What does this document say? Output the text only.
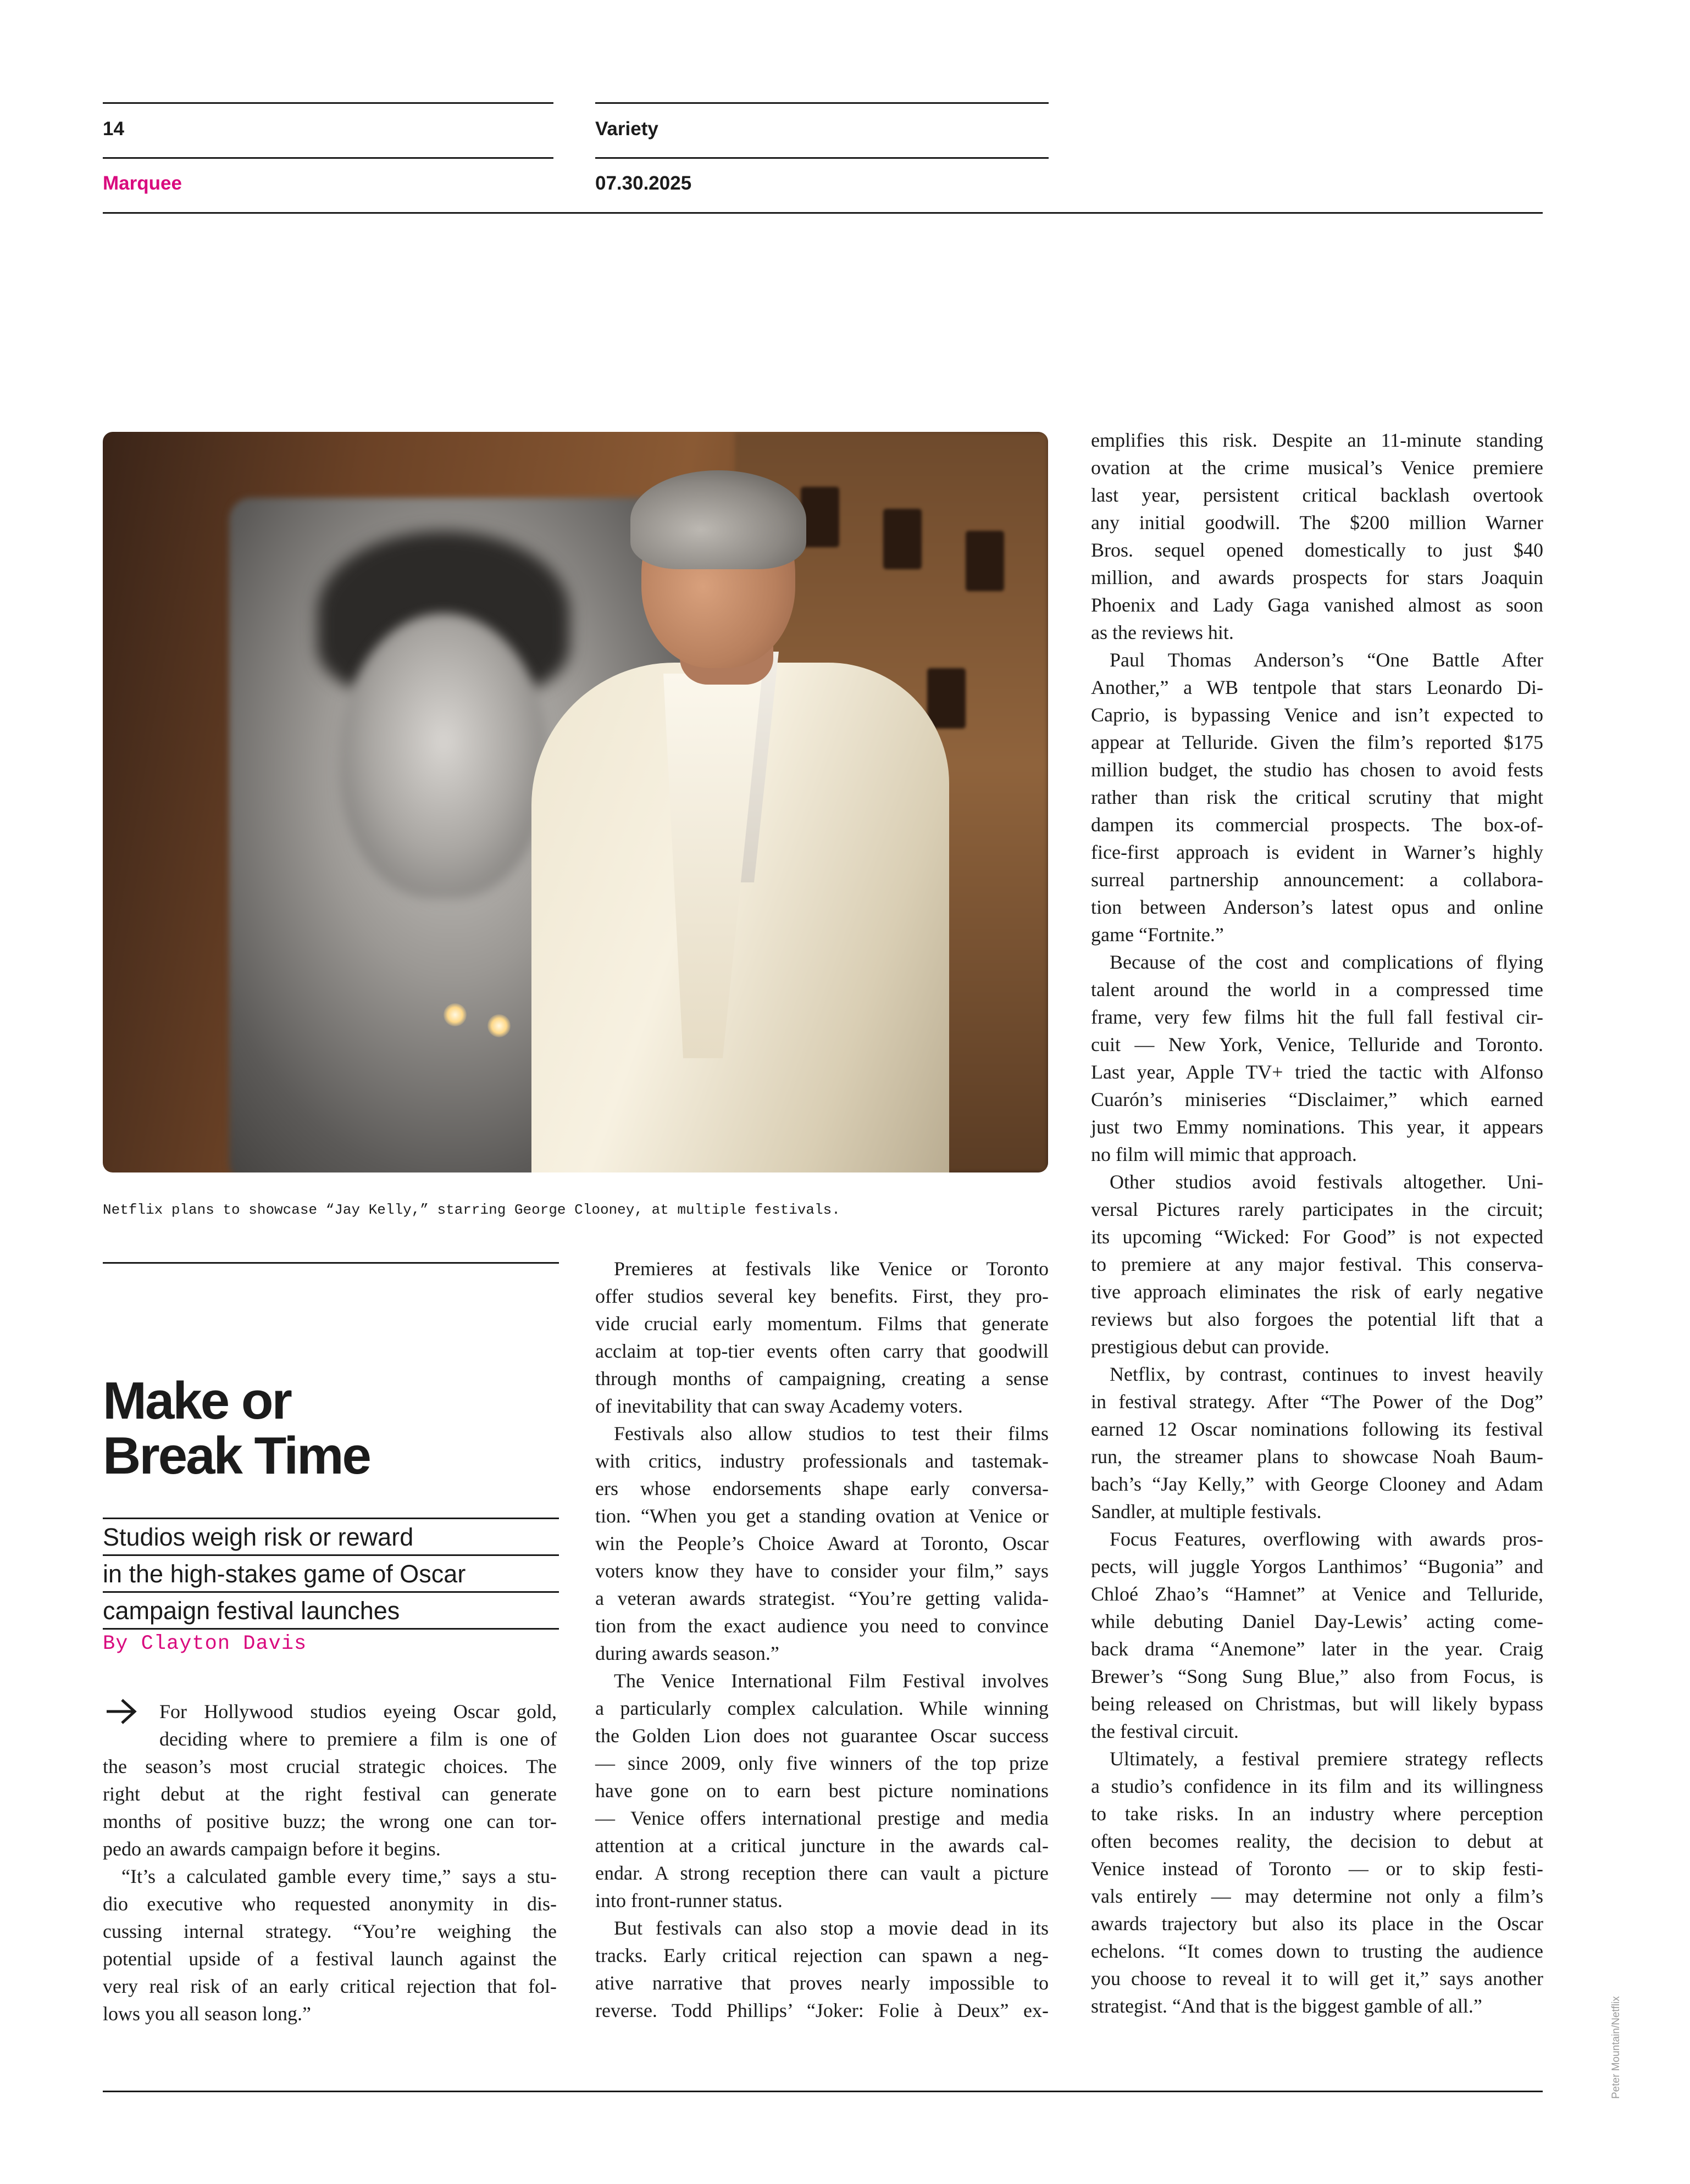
14	Variety
Marquee	07.30.2025
Netflix plans to showcase “Jay Kelly,” starring George Clooney, at multiple festivals.
Make or
Break Time
Studios weigh risk or reward
in the high-stakes game of Oscar
campaign festival launches
By Clayton Davis
For Hollywood studios eyeing Oscar gold,
deciding where to premiere a film is one of
the season’s most crucial strategic choices. The
right debut at the right festival can generate
months of positive buzz; the wrong one can tor-
pedo an awards campaign before it begins.
“It’s a calculated gamble every time,” says a stu-
dio executive who requested anonymity in dis-
cussing internal strategy. “You’re weighing the
potential upside of a festival launch against the
very real risk of an early critical rejection that fol-
lows you all season long.”
Premieres at festivals like Venice or Toronto
offer studios several key benefits. First, they pro-
vide crucial early momentum. Films that generate
acclaim at top-tier events often carry that goodwill
through months of campaigning, creating a sense
of inevitability that can sway Academy voters.
Festivals also allow studios to test their films
with critics, industry professionals and tastemak-
ers whose endorsements shape early conversa-
tion. “When you get a standing ovation at Venice or
win the People’s Choice Award at Toronto, Oscar
voters know they have to consider your film,” says
a veteran awards strategist. “You’re getting valida-
tion from the exact audience you need to convince
during awards season.”
The Venice International Film Festival involves
a particularly complex calculation. While winning
the Golden Lion does not guarantee Oscar success
— since 2009, only five winners of the top prize
have gone on to earn best picture nominations
— Venice offers international prestige and media
attention at a critical juncture in the awards cal-
endar. A strong reception there can vault a picture
into front-runner status.
But festivals can also stop a movie dead in its
tracks. Early critical rejection can spawn a neg-
ative narrative that proves nearly impossible to
reverse. Todd Phillips’ “Joker: Folie à Deux” ex-
emplifies this risk. Despite an 11-minute standing
ovation at the crime musical’s Venice premiere
last year, persistent critical backlash overtook
any initial goodwill. The $200 million Warner
Bros. sequel opened domestically to just $40
million, and awards prospects for stars Joaquin
Phoenix and Lady Gaga vanished almost as soon
as the reviews hit.
Paul Thomas Anderson’s “One Battle After
Another,” a WB tentpole that stars Leonardo Di-
Caprio, is bypassing Venice and isn’t expected to
appear at Telluride. Given the film’s reported $175
million budget, the studio has chosen to avoid fests
rather than risk the critical scrutiny that might
dampen its commercial prospects. The box-of-
fice-first approach is evident in Warner’s highly
surreal partnership announcement: a collabora-
tion between Anderson’s latest opus and online
game “Fortnite.”
Because of the cost and complications of flying
talent around the world in a compressed time
frame, very few films hit the full fall festival cir-
cuit — New York, Venice, Telluride and Toronto.
Last year, Apple TV+ tried the tactic with Alfonso
Cuarón’s miniseries “Disclaimer,” which earned
just two Emmy nominations. This year, it appears
no film will mimic that approach.
Other studios avoid festivals altogether. Uni-
versal Pictures rarely participates in the circuit;
its upcoming “Wicked: For Good” is not expected
to premiere at any major festival. This conserva-
tive approach eliminates the risk of early negative
reviews but also forgoes the potential lift that a
prestigious debut can provide.
Netflix, by contrast, continues to invest heavily
in festival strategy. After “The Power of the Dog”
earned 12 Oscar nominations following its festival
run, the streamer plans to showcase Noah Baum-
bach’s “Jay Kelly,” with George Clooney and Adam
Sandler, at multiple festivals.
Focus Features, overflowing with awards pros-
pects, will juggle Yorgos Lanthimos’ “Bugonia” and
Chloé Zhao’s “Hamnet” at Venice and Telluride,
while debuting Daniel Day-Lewis’ acting come-
back drama “Anemone” later in the year. Craig
Brewer’s “Song Sung Blue,” also from Focus, is
being released on Christmas, but will likely bypass
the festival circuit.
Ultimately, a festival premiere strategy reflects
a studio’s confidence in its film and its willingness
to take risks. In an industry where perception
often becomes reality, the decision to debut at
Venice instead of Toronto — or to skip festi-
vals entirely — may determine not only a film’s
awards trajectory but also its place in the Oscar
echelons. “It comes down to trusting the audience
you choose to reveal it to will get it,” says another
strategist. “And that is the biggest gamble of all.”	Peter Mountain/Netflix
